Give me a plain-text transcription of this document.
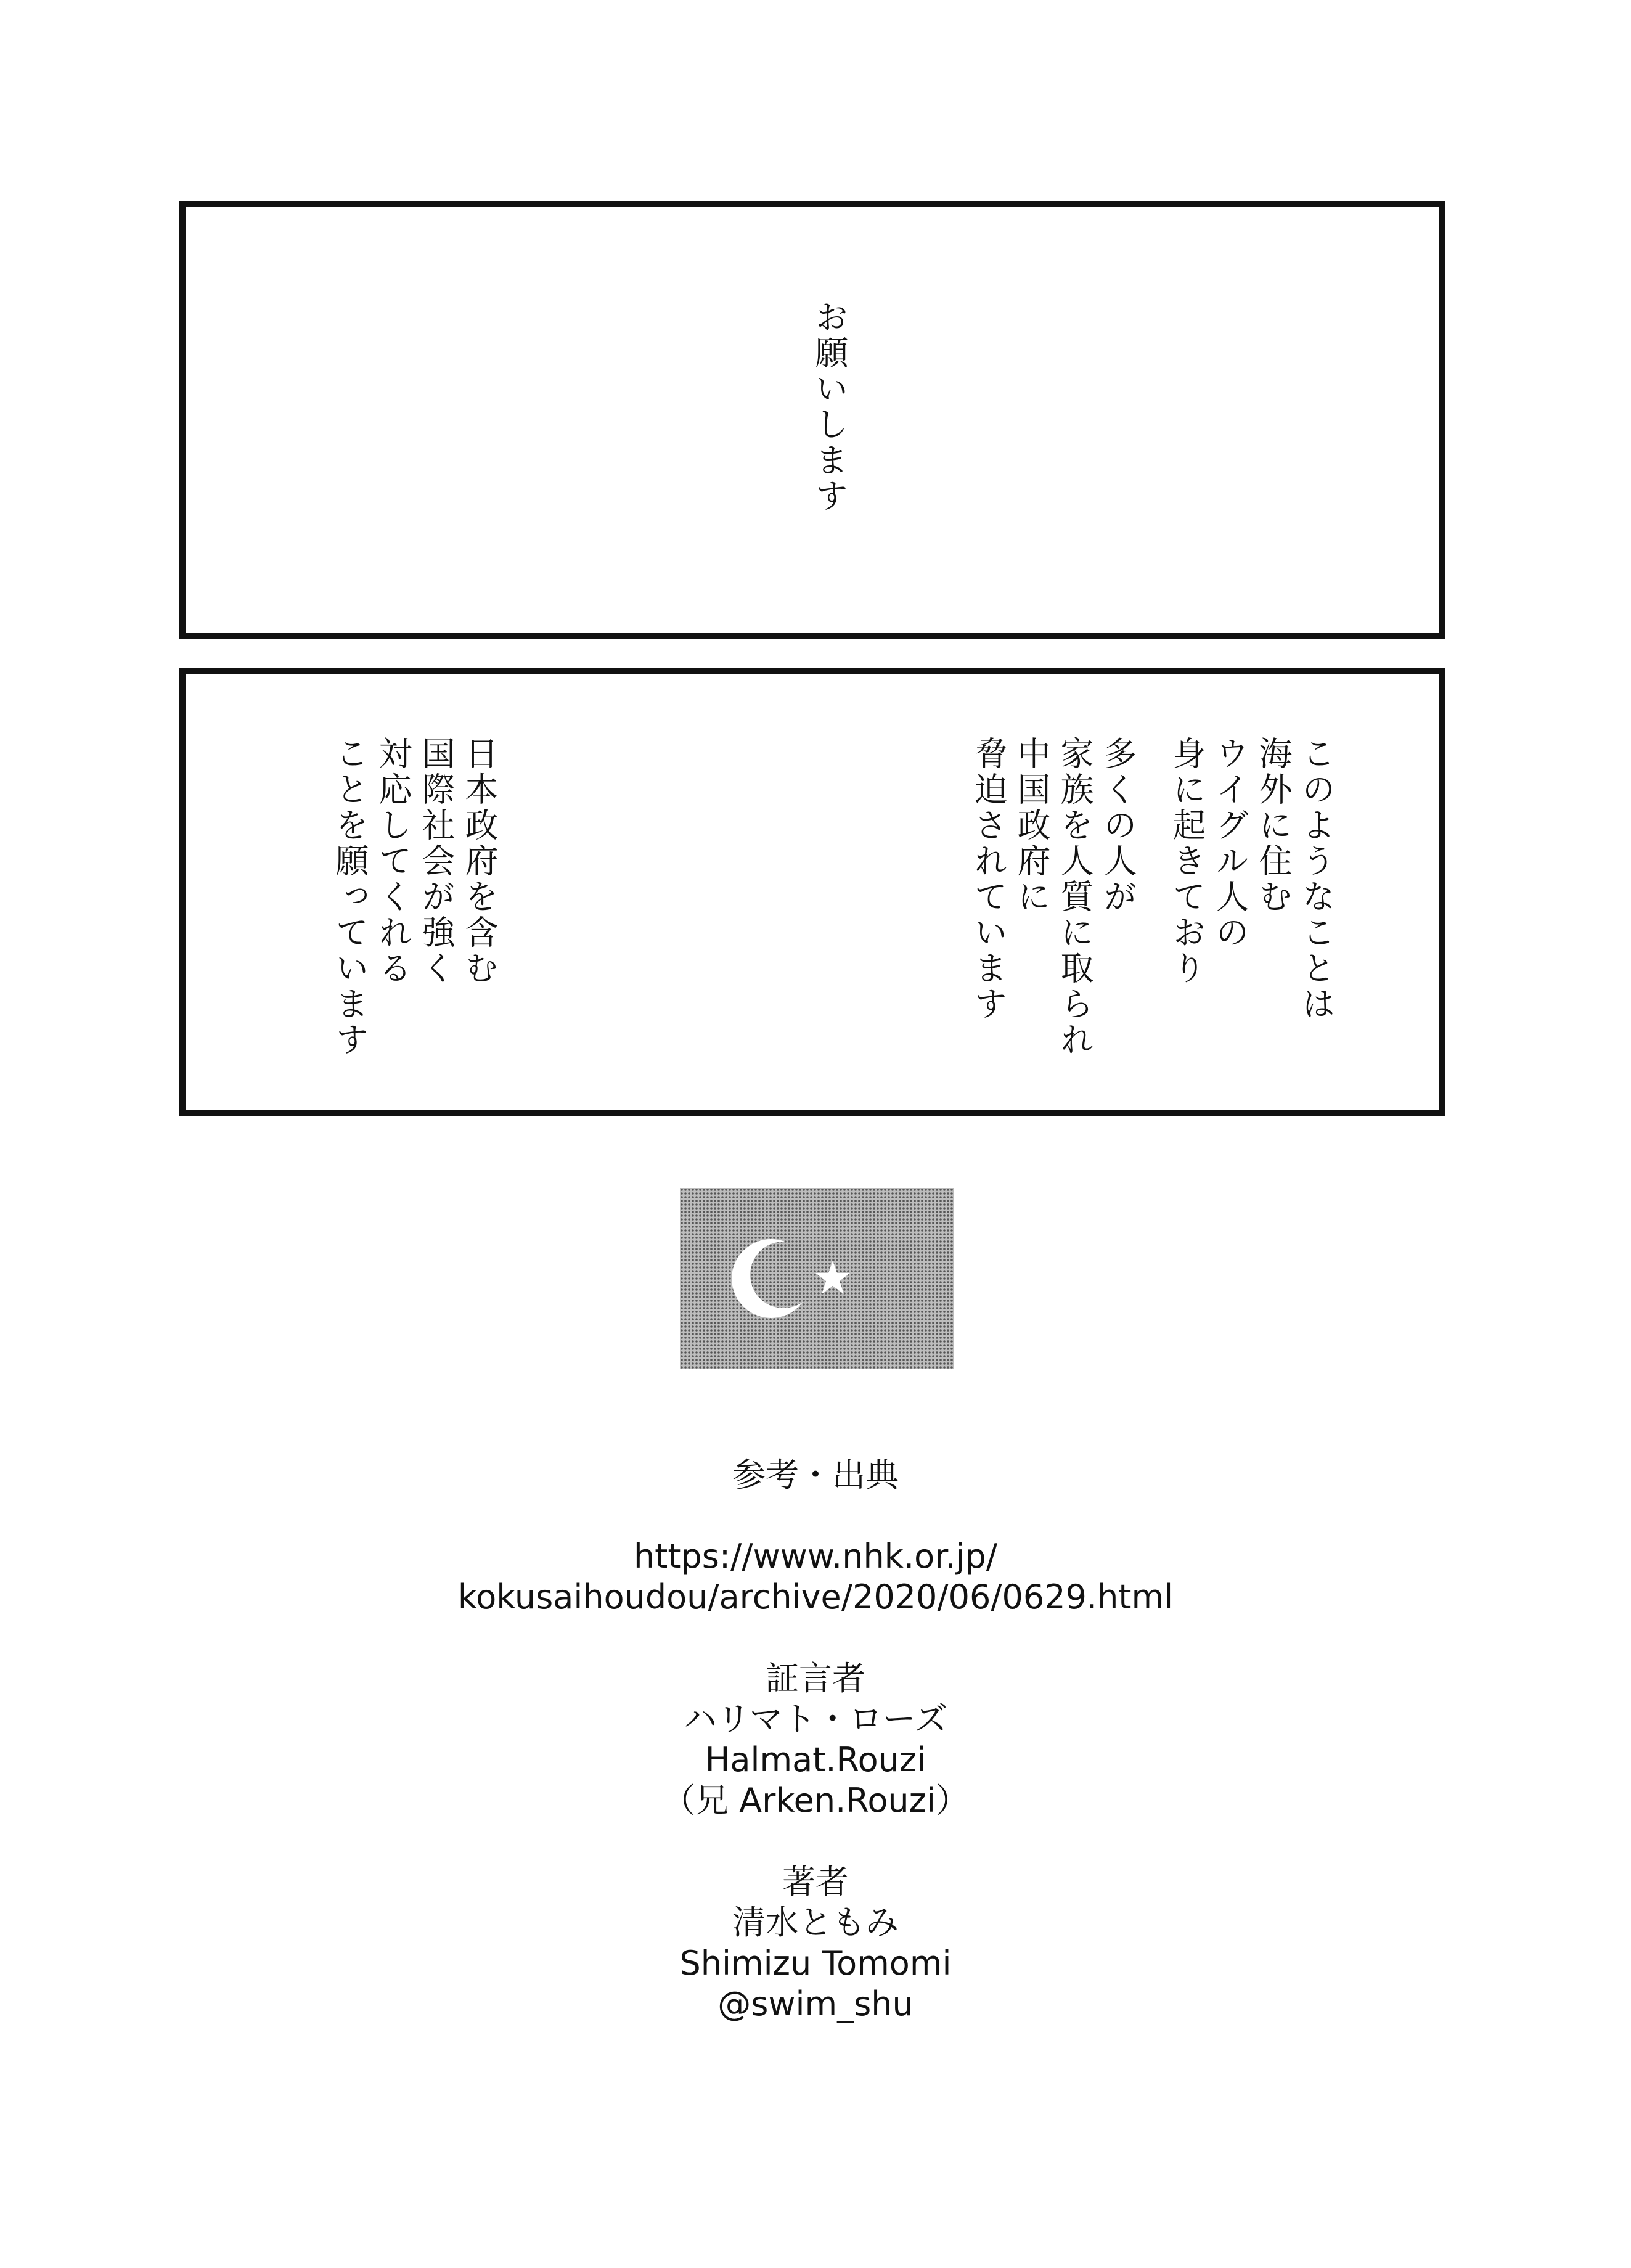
お願いします
このようなことは
海外に住む
ウイグル人の
身に起きており
多くの人が
家族を人質に取られ
中国政府に
脅迫されています
日本政府を含む
国際社会が強く
対応してくれる
ことを願っています
参考・出典
https://www.nhk.or.jp/
kokusaihoudou/archive/2020/06/0629.html
証言者
ハリマト・ローズ
Halmat.Rouzi
（兄 Arken.Rouzi）
著者
清水ともみ
Shimizu Tomomi
@swim_shu
